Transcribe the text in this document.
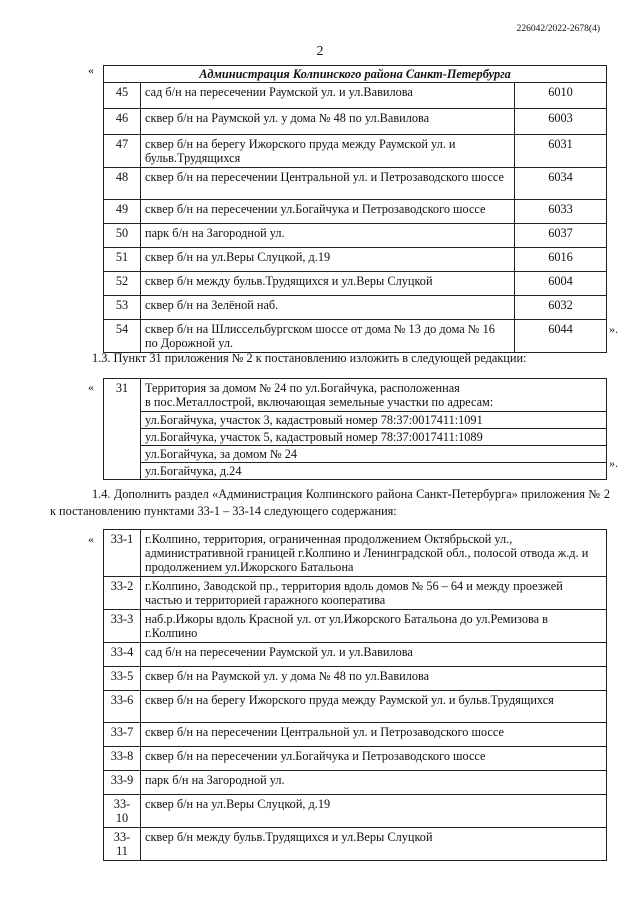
226042/2022-2678(4)
2
«	Администрация Колпинского района Санкт-Петербурга		
45	сад б/н на пересечении Раумской ул. и ул.Вавилова	6010
46	сквер б/н на Раумской ул. у дома № 48 по ул.Вавилова	6003
47	сквер б/н на берегу Ижорского пруда между Раумской ул. и бульв.Трудящихся	6031
48	сквер б/н на пересечении Центральной ул. и Петрозаводского шоссе	6034
49	сквер б/н на пересечении ул.Богайчука и Петрозаводского шоссе	6033
50	парк б/н на Загородной ул.	6037
51	сквер б/н на ул.Веры Слуцкой, д.19	6016
52	сквер б/н между бульв.Трудящихся и ул.Веры Слуцкой	6004
53	сквер б/н на Зелёной наб.	6032
54	сквер б/н на Шлиссельбургском шоссе от дома № 13 до дома № 16 по Дорожной ул.	6044	».
1.3. Пункт 31 приложения № 2 к постановлению изложить в следующей редакции:
« 31	Территория за домом № 24 по ул.Богайчука, расположенная
в пос.Металлострой, включающая земельные участки по адресам:

ул.Богайчука, участок 3, кадастровый номер 78:37:0017411:1091
ул.Богайчука, участок 5, кадастровый номер 78:37:0017411:1089
ул.Богайчука, за домом № 24
ул.Богайчука, д.24
».
1.4. Дополнить раздел «Администрация Колпинского района Санкт-Петербурга» приложения № 2 к постановлению пунктами 33-1 – 33-14 следующего содержания:
« 33-1	г.Колпино, территория, ограниченная продолжением Октябрьской ул., административной границей г.Колпино и Ленинградской обл., полосой отвода ж.д. и продолжением ул.Ижорского Батальона
33-2	г.Колпино, Заводской пр., территория вдоль домов № 56 – 64 и между проезжей частью и территорией гаражного кооператива
33-3	наб.р.Ижоры вдоль Красной ул. от ул.Ижорского Батальона до ул.Ремизова в г.Колпино
33-4	сад б/н на пересечении Раумской ул. и ул.Вавилова
33-5	сквер б/н на Раумской ул. у дома № 48 по ул.Вавилова
33-6	сквер б/н на берегу Ижорского пруда между Раумской ул. и бульв.Трудящихся
33-7	сквер б/н на пересечении Центральной ул. и Петрозаводского шоссе
33-8	сквер б/н на пересечении ул.Богайчука и Петрозаводского шоссе
33-9	парк б/н на Загородной ул.
33-10	сквер б/н на ул.Веры Слуцкой, д.19
33-11	сквер б/н между бульв.Трудящихся и ул.Веры Слуцкой
